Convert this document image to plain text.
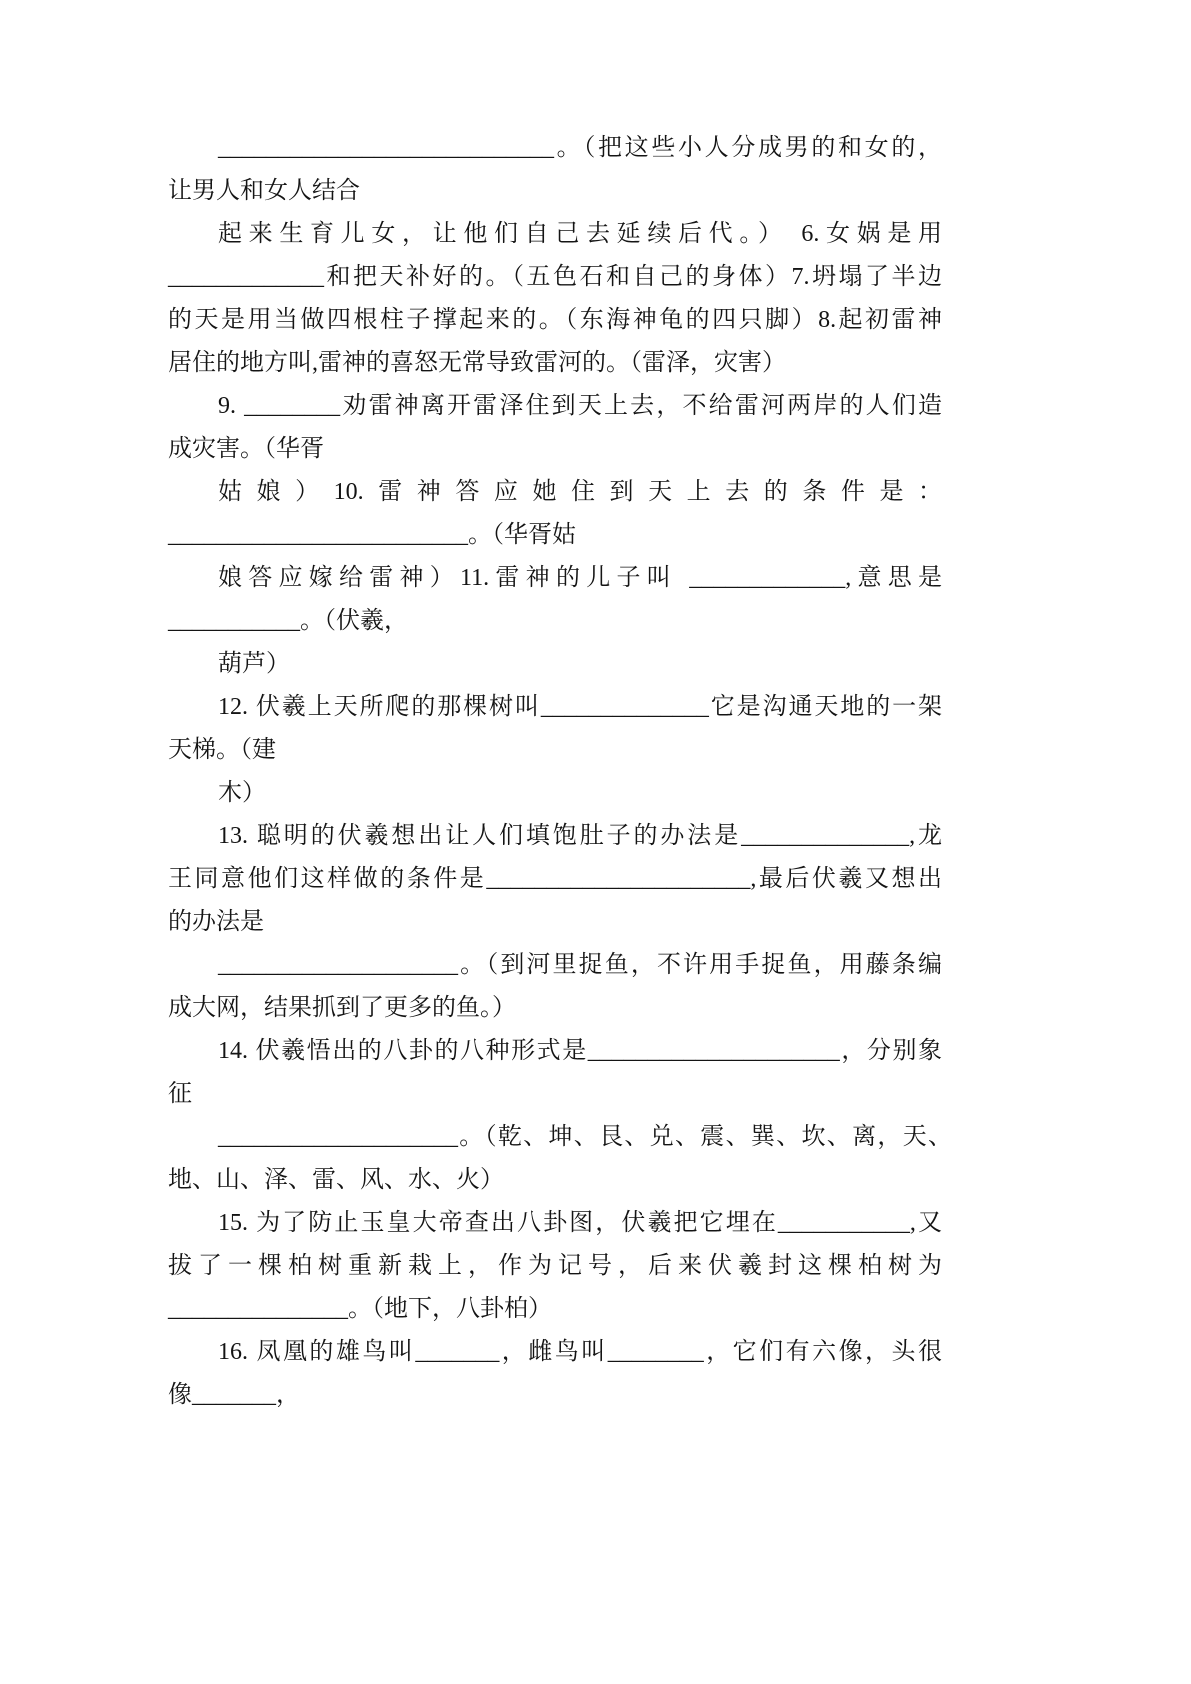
____________________________。（把这些小人分成男的和女的，
让男人和女人结合
起来生育儿女，让他们自己去延续后代。） 6.女娲是用
_____________和把天补好的。（五色石和自己的身体）7.坍塌了半边
的天是用当做四根柱子撑起来的。（东海神龟的四只脚）8.起初雷神
居住的地方叫,雷神的喜怒无常导致雷河的。（雷泽，灾害）
9. ________劝雷神离开雷泽住到天上去，不给雷河两岸的人们造
成灾害。（华胥
姑娘）10.雷神答应她住到天上去的条件是：
_________________________。（华胥姑
娘答应嫁给雷神）11.雷神的儿子叫 _____________,意思是
___________。（伏羲，
葫芦）
12. 伏羲上天所爬的那棵树叫______________它是沟通天地的一架
天梯。（建
木）
13. 聪明的伏羲想出让人们填饱肚子的办法是______________,龙
王同意他们这样做的条件是______________________,最后伏羲又想出
的办法是
____________________。（到河里捉鱼，不许用手捉鱼，用藤条编
成大网，结果抓到了更多的鱼。）
14. 伏羲悟出的八卦的八种形式是_____________________，分别象
征
____________________。（乾、坤、艮、兑、震、巽、坎、离，天、
地、山、泽、雷、风、水、火）
15. 为了防止玉皇大帝查出八卦图，伏羲把它埋在___________,又
拔了一棵柏树重新栽上，作为记号，后来伏羲封这棵柏树为
_______________。（地下，八卦柏）
16. 凤凰的雄鸟叫_______，雌鸟叫________，它们有六像，头很
像_______，
